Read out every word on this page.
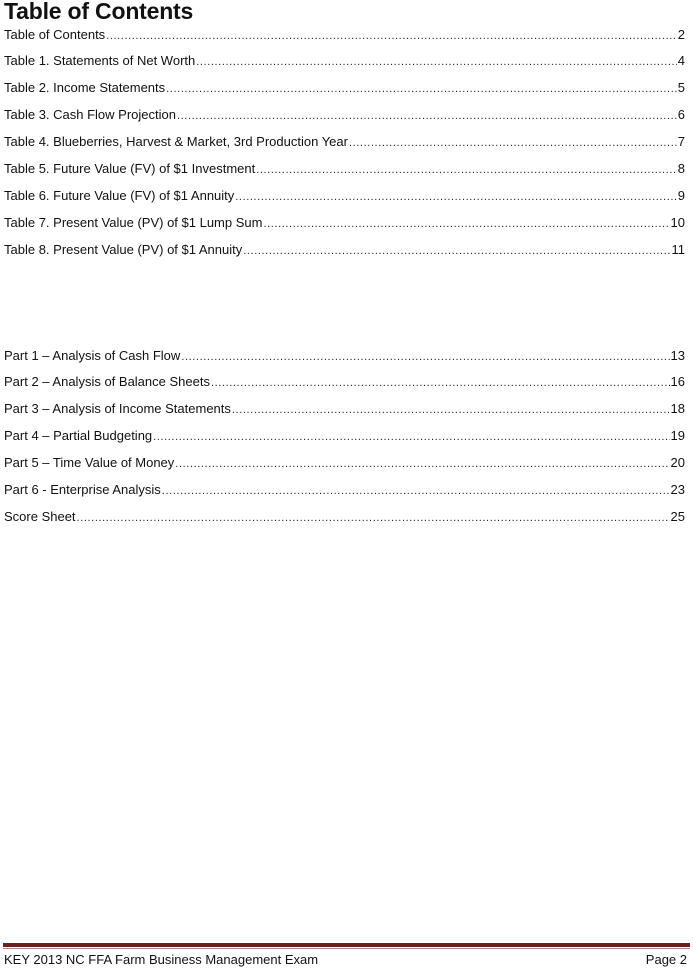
Table of Contents
Table of Contents .....	2
Table 1. Statements of Net Worth .....	4
Table 2. Income Statements .....	5
Table 3. Cash Flow Projection .....	6
Table 4. Blueberries, Harvest & Market, 3rd Production Year .....	7
Table 5. Future Value (FV) of $1 Investment .....	8
Table 6. Future Value (FV) of $1 Annuity .....	9
Table 7. Present Value (PV) of $1 Lump Sum .....	10
Table 8. Present Value (PV) of $1 Annuity .....	11
Part 1 – Analysis of Cash Flow .....	13
Part 2 – Analysis of Balance Sheets .....	16
Part 3 – Analysis of Income Statements .....	18
Part 4 – Partial Budgeting .....	19
Part 5 – Time Value of Money .....	20
Part 6 - Enterprise Analysis .....	23
Score Sheet .....	25
KEY 2013 NC FFA Farm Business Management Exam	Page 2
